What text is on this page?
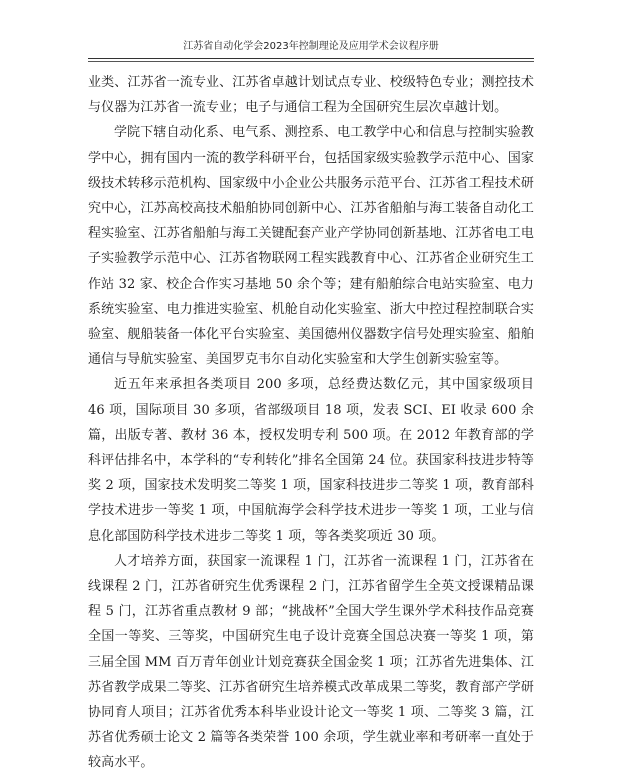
江苏省自动化学会2023年控制理论及应用学术会议程序册

业类、江苏省一流专业、江苏省卓越计划试点专业、校级特色专业；测控技术与仪器为江苏省一流专业；电子与通信工程为全国研究生层次卓越计划。

学院下辖自动化系、电气系、测控系、电工教学中心和信息与控制实验教学中心，拥有国内一流的教学科研平台，包括国家级实验教学示范中心、国家级技术转移示范机构、国家级中小企业公共服务示范平台、江苏省工程技术研究中心，江苏高校高技术船舶协同创新中心、江苏省船舶与海工装备自动化工程实验室、江苏省船舶与海工关键配套产业产学协同创新基地、江苏省电工电子实验教学示范中心、江苏省物联网工程实践教育中心、江苏省企业研究生工作站 32 家、校企合作实习基地 50 余个等；建有船舶综合电站实验室、电力系统实验室、电力推进实验室、机舱自动化实验室、浙大中控过程控制联合实验室、舰船装备一体化平台实验室、美国德州仪器数字信号处理实验室、船舶通信与导航实验室、美国罗克韦尔自动化实验室和大学生创新实验室等。

近五年来承担各类项目 200 多项，总经费达数亿元，其中国家级项目 46 项，国际项目 30 多项，省部级项目 18 项，发表 SCI、EI 收录 600 余篇，出版专著、教材 36 本，授权发明专利 500 项。在 2012 年教育部的学科评估排名中，本学科的“专利转化”排名全国第 24 位。获国家科技进步特等奖 2 项，国家技术发明奖二等奖 1 项，国家科技进步二等奖 1 项，教育部科学技术进步一等奖 1 项，中国航海学会科学技术进步一等奖 1 项，工业与信息化部国防科学技术进步二等奖 1 项，等各类奖项近 30 项。

人才培养方面，获国家一流课程 1 门，江苏省一流课程 1 门，江苏省在线课程 2 门，江苏省研究生优秀课程 2 门，江苏省留学生全英文授课精品课程 5 门，江苏省重点教材 9 部；“挑战杯”全国大学生课外学术科技作品竞赛全国一等奖、三等奖，中国研究生电子设计竞赛全国总决赛一等奖 1 项，第三届全国 MM 百万青年创业计划竞赛获全国金奖 1 项；江苏省先进集体、江苏省教学成果二等奖、江苏省研究生培养模式改革成果二等奖，教育部产学研协同育人项目；江苏省优秀本科毕业设计论文一等奖 1 项、二等奖 3 篇，江苏省优秀硕士论文 2 篇等各类荣誉 100 余项，学生就业率和考研率一直处于较高水平。
